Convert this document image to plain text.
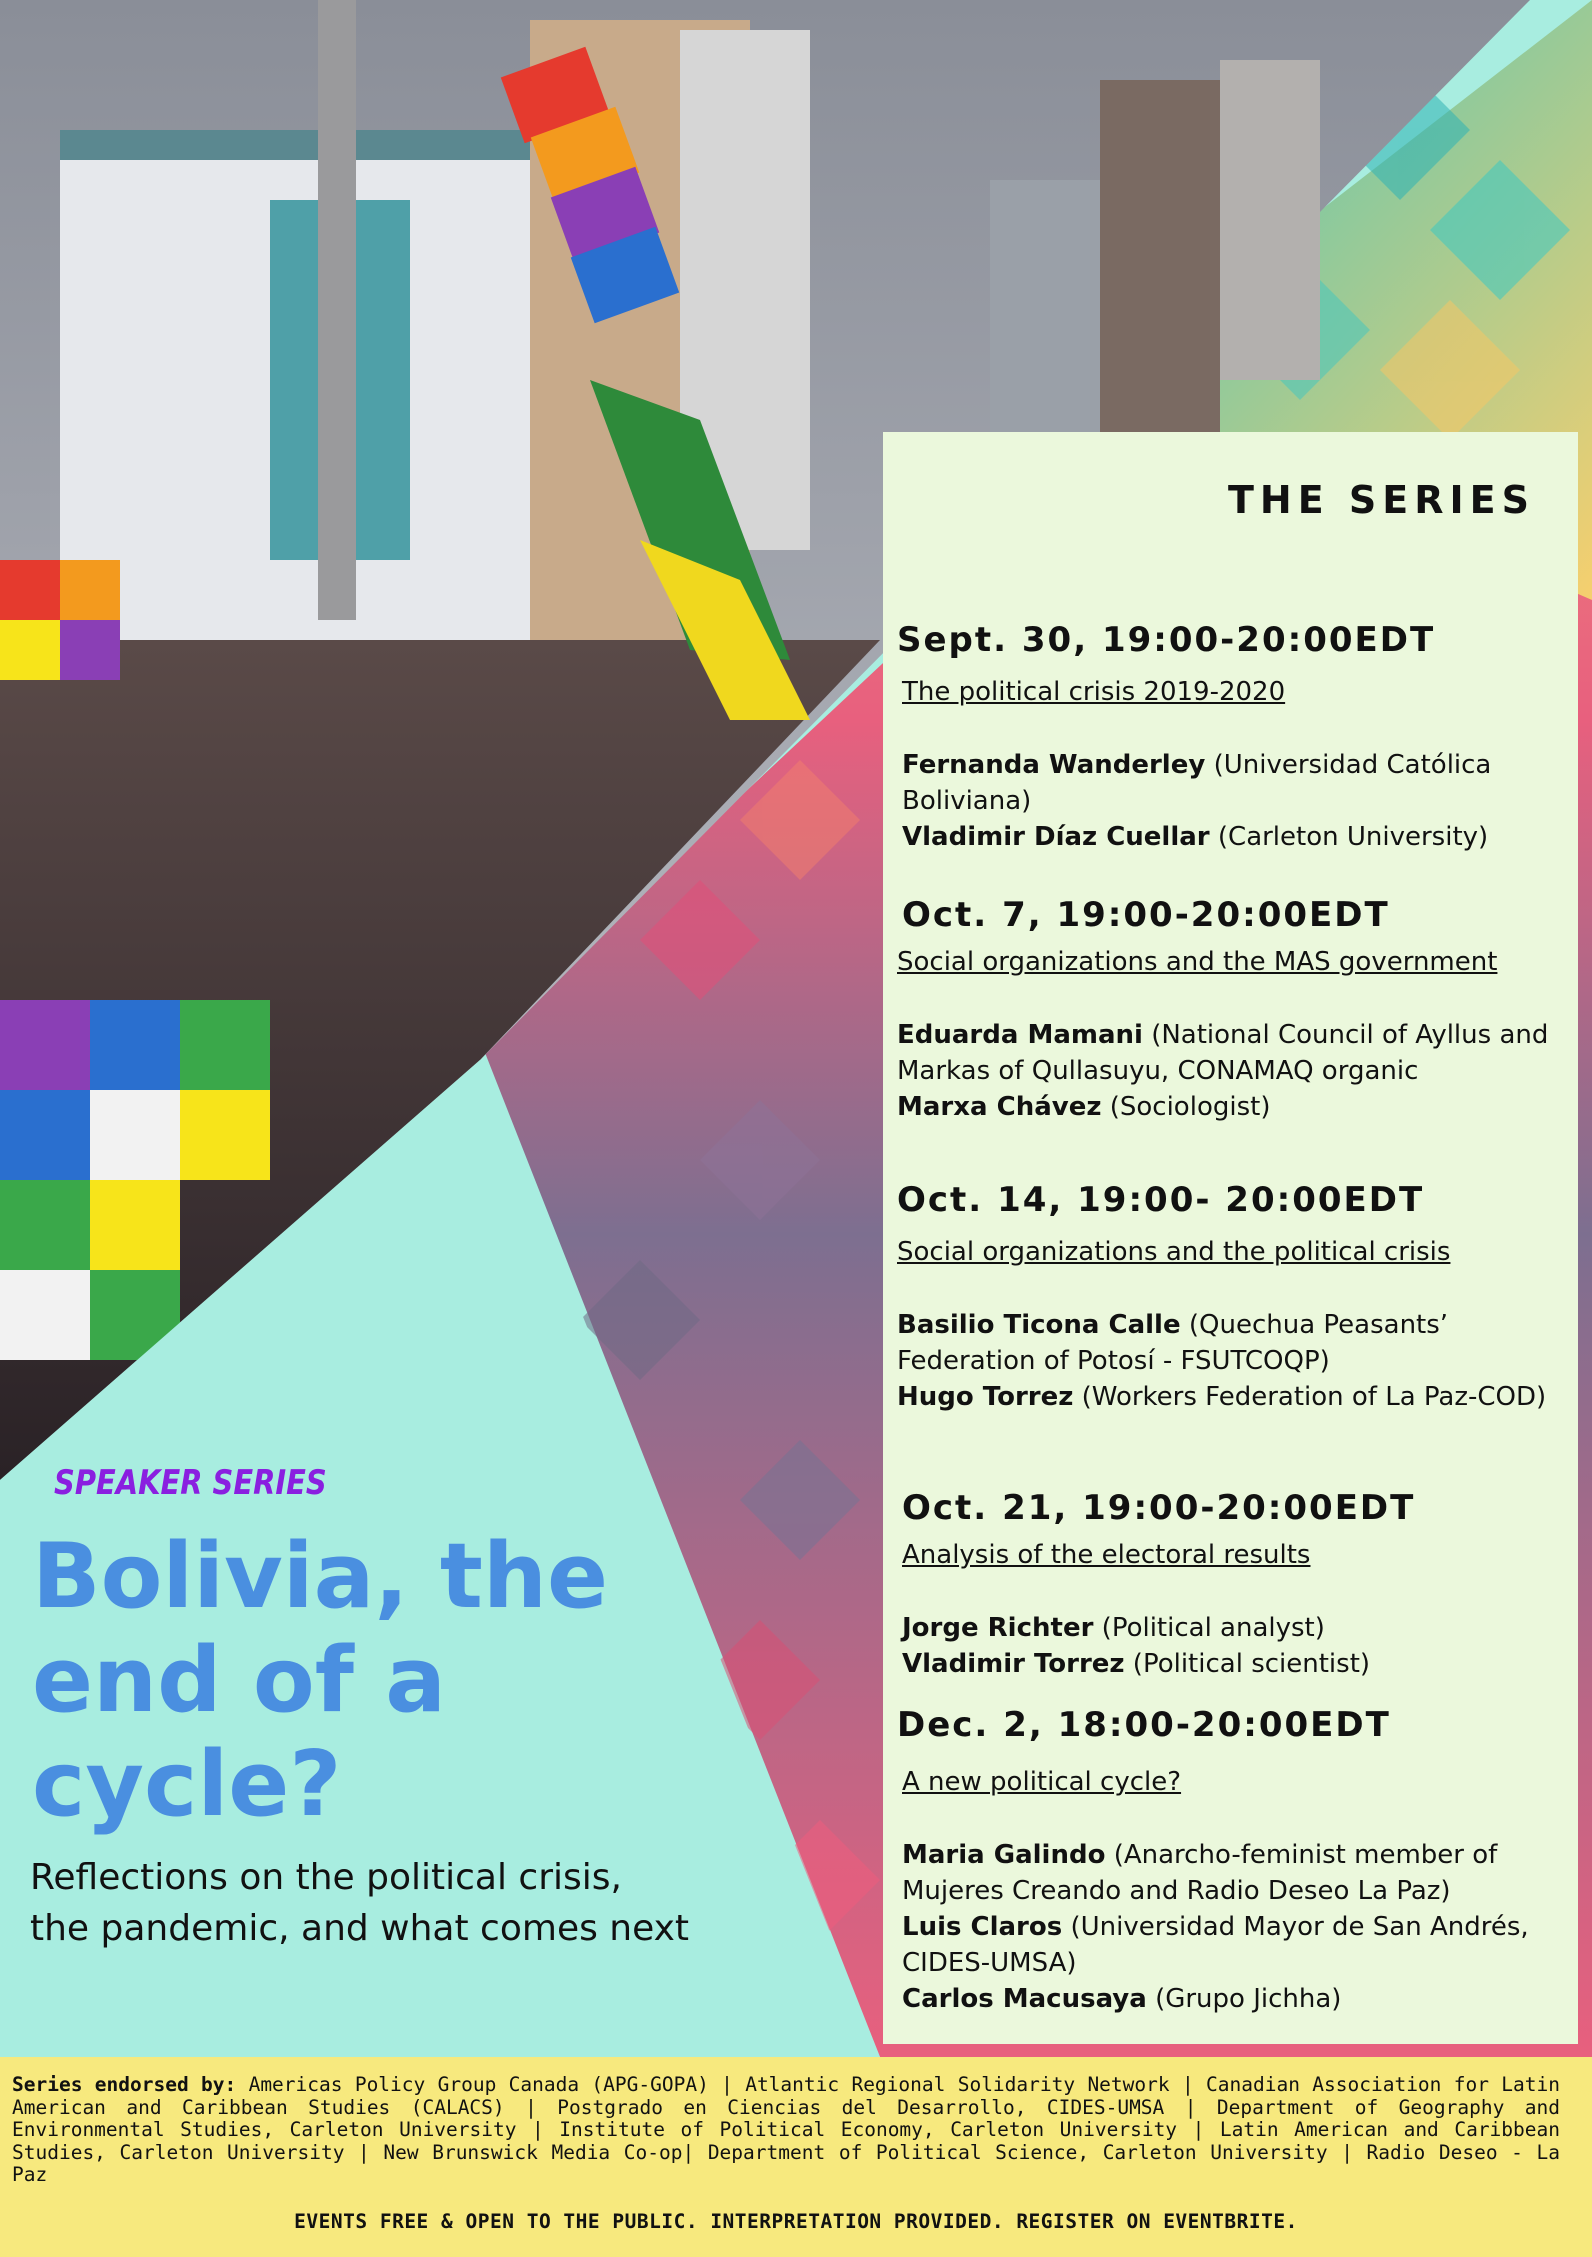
THE SERIES
Sept. 30, 19:00-20:00EDT
The political crisis 2019-2020
Fernanda Wanderley (Universidad Católica Boliviana)
Vladimir Díaz Cuellar (Carleton University)
Oct. 7, 19:00-20:00EDT
Social organizations and the MAS government
Eduarda Mamani (National Council of Ayllus and Markas of Qullasuyu, CONAMAQ organic
Marxa Chávez (Sociologist)
Oct. 14, 19:00- 20:00EDT
Social organizations and the political crisis
Basilio Ticona Calle (Quechua Peasants’ Federation of Potosí - FSUTCOQP)
Hugo Torrez (Workers Federation of La Paz-COD)
Oct. 21, 19:00-20:00EDT
Analysis of the electoral results
Jorge Richter (Political analyst)
Vladimir Torrez (Political scientist)
Dec. 2, 18:00-20:00EDT
A new political cycle?
Maria Galindo (Anarcho-feminist member of Mujeres Creando and Radio Deseo La Paz)
Luis Claros (Universidad Mayor de San Andrés, CIDES-UMSA)
Carlos Macusaya (Grupo Jichha)
SPEAKER SERIES
Bolivia, the end of a cycle?
Reflections on the political crisis, the pandemic, and what comes next
Series endorsed by: Americas Policy Group Canada (APG-GOPA) | Atlantic Regional Solidarity Network | Canadian Association for Latin American and Caribbean Studies (CALACS) | Postgrado en Ciencias del Desarrollo, CIDES-UMSA | Department of Geography and Environmental Studies, Carleton University | Institute of Political Economy, Carleton University | Latin American and Caribbean Studies, Carleton University | New Brunswick Media Co-op| Department of Political Science, Carleton University | Radio Deseo - La Paz
EVENTS FREE & OPEN TO THE PUBLIC. INTERPRETATION PROVIDED. REGISTER ON EVENTBRITE.
